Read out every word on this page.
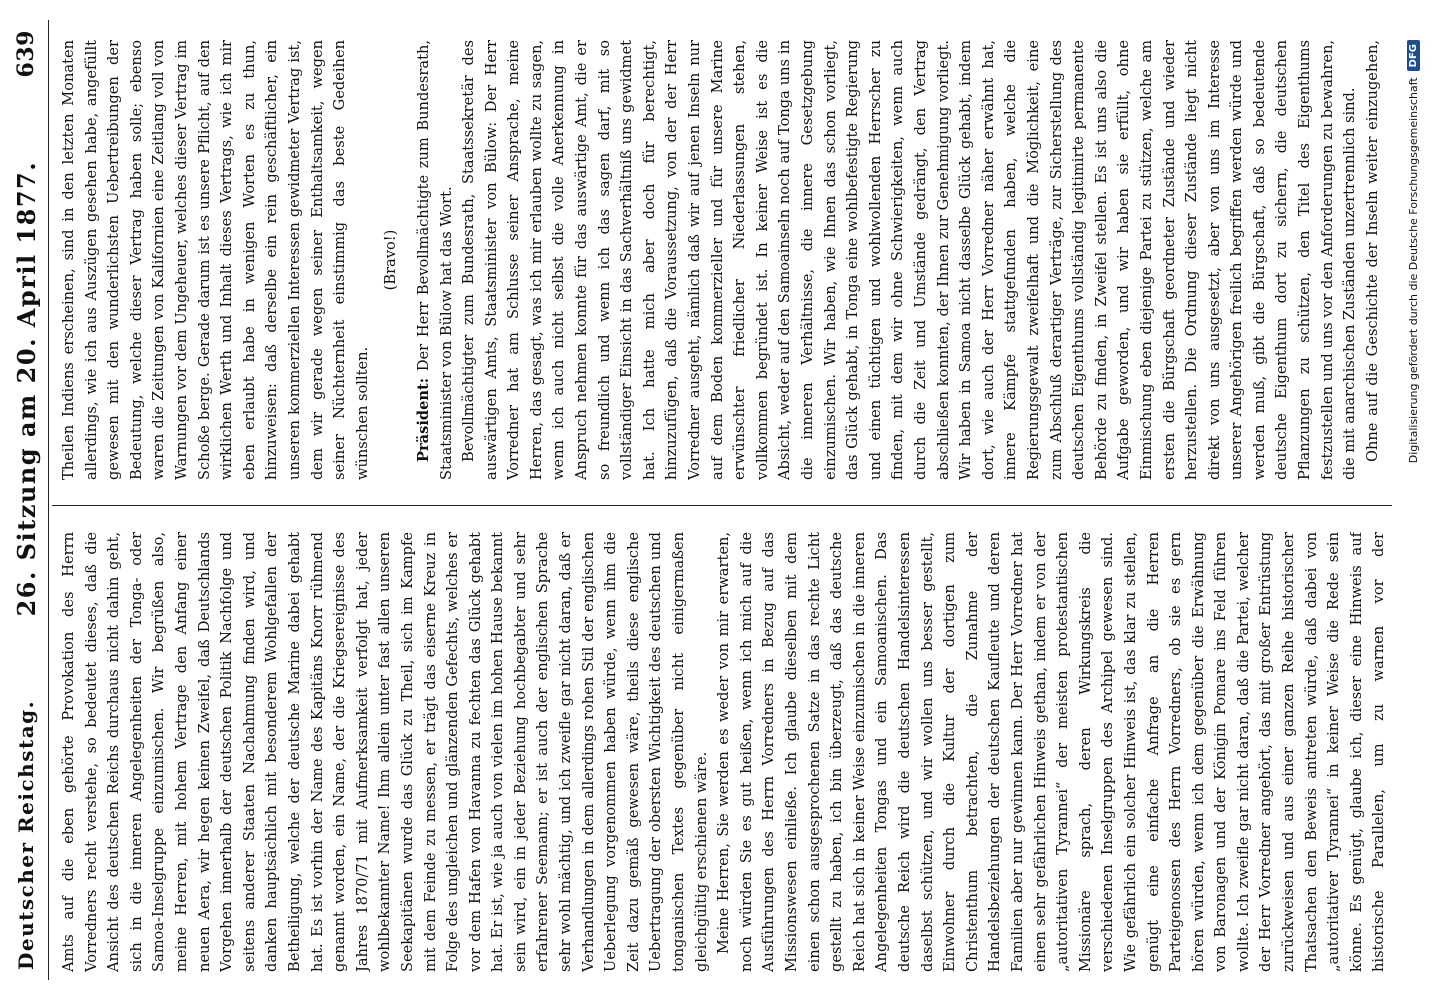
Deutscher Reichstag.
26. Sitzung am 20. April 1877.
639

Amts auf die eben gehörte Provokation des Herrn Vorredners recht verstehe, so bedeutet dieses, daß die Ansicht des deutschen Reichs durchaus nicht dahin geht, sich in die inneren Angelegenheiten der Tonga- oder Samoa-Inselgruppe einzumischen. Wir begrüßen also, meine Herren, mit hohem Vertrage den Anfang einer neuen Aera, wir hegen keinen Zweifel, daß Deutschlands Vorgehen innerhalb der deutschen Politik Nachfolge und seitens anderer Staaten Nachahmung finden wird, und danken hauptsächlich mit besonderem Wohlgefallen der Betheiligung, welche der deutsche Marine dabei gehabt hat. Es ist vorhin der Name des Kapitäns Knorr rühmend genannt worden, ein Name, der die Kriegsereignisse des Jahres 1870/71 mit Aufmerksamkeit verfolgt hat, jeder wohlbekannter Name! Ihm allein unter fast allen unseren Seekapitänen wurde das Glück zu Theil, sich im Kampfe mit dem Feinde zu messen, er trägt das eiserne Kreuz in Folge des ungleichen und glänzenden Gefechts, welches er vor dem Hafen von Havanna zu fechten das Glück gehabt hat. Er ist, wie ja auch von vielen im hohen Hause bekannt sein wird, ein in jeder Beziehung hochbegabter und sehr erfahrener Seemann; er ist auch der englischen Sprache sehr wohl mächtig, und ich zweifle gar nicht daran, daß er Verhandlungen in dem allerdings rohen Stil der englischen Ueberlegung vorgenommen haben würde, wenn ihm die Zeit dazu gemäß gewesen wäre, theils diese englische Uebertragung der obersten Wichtigkeit des deutschen und tonganischen Textes gegenüber nicht einigermaßen gleichgültig erschienen wäre. Meine Herren, Sie werden es weder von mir erwarten, noch würden Sie es gut heißen, wenn ich mich auf die Ausführungen des Herrn Vorredners in Bezug auf das Missionswesen einließe. Ich glaube dieselben mit dem einen schon ausgesprochenen Satze in das rechte Licht gestellt zu haben, ich bin überzeugt, daß das deutsche Reich hat sich in keiner Weise einzumischen in die inneren Angelegenheiten Tongas und ein Samoanischen. Das deutsche Reich wird die deutschen Handelsinteressen daselbst schützen, und wir wollen uns besser gestellt, Einwohner durch die Kultur der dortigen zum Christenthum betrachten, die Zunahme der Handelsbeziehungen der deutschen Kaufleute und deren Familien aber nur gewinnen kann. Der Herr Vorredner hat einen sehr gefährlichen Hinweis gethan, indem er von der „autoritativen Tyrannei“ der meisten protestantischen Missionäre sprach, deren Wirkungskreis die verschiedenen Inselgruppen des Archipel gewesen sind. Wie gefährlich ein solcher Hinweis ist, das klar zu stellen, genügt eine einfache Anfrage an die Herren Parteigenossen des Herrn Vorredners, ob sie es gern hören würden, wenn ich dem gegenüber die Erwähnung von Baronagen und der Königin Pomare ins Feld führen wollte. Ich zweifle gar nicht daran, daß die Partei, welcher der Herr Vorredner angehört, das mit großer Entrüstung zurückweisen und aus einer ganzen Reihe historischer Thatsachen den Beweis antreten würde, daß dabei von „autoritativer Tyrannei“ in keiner Weise die Rede sein könne. Es genügt, glaube ich, dieser eine Hinweis auf historische Parallelen, um zu warnen vor der

Theilen Indiens erscheinen, sind in den letzten Monaten allerdings, wie ich aus Auszügen gesehen habe, angefüllt gewesen mit den wunderlichsten Uebertreibungen der Bedeutung, welche dieser Vertrag haben solle; ebenso waren die Zeitungen von Kalifornien eine Zeitlang voll von Warnungen vor dem Ungeheuer, welches dieser Vertrag im Schoße berge. Gerade darum ist es unsere Pflicht, auf den wirklichen Werth und Inhalt dieses Vertrags, wie ich mir eben erlaubt habe in wenigen Worten es zu thun, hinzuweisen: daß derselbe ein rein geschäftlicher, ein unseren kommerziellen Interessen gewidmeter Vertrag ist, dem wir gerade wegen seiner Enthaltsamkeit, wegen seiner Nüchternheit einstimmig das beste Gedeihen wünschen sollten.

(Bravo!)

Präsident: Der Herr Bevollmächtigte zum Bundesrath, Staatsminister von Bülow hat das Wort. Bevollmächtigter zum Bundesrath, Staatssekretär des auswärtigen Amts, Staatsminister von Bülow: Der Herr Vorredner hat am Schlusse seiner Ansprache, meine Herren, das gesagt, was ich mir erlauben wollte zu sagen, wenn ich auch nicht selbst die volle Anerkennung in Anspruch nehmen konnte für das auswärtige Amt, die er so freundlich und wenn ich das sagen darf, mit so vollständiger Einsicht in das Sachverhältniß uns gewidmet hat. Ich hatte mich aber doch für berechtigt, hinzuzufügen, daß die Voraussetzung, von der der Herr Vorredner ausgeht, nämlich daß wir auf jenen Inseln nur auf dem Boden kommerzieller und für unsere Marine erwünschter friedlicher Niederlassungen stehen, vollkommen begründet ist. In keiner Weise ist es die Absicht, weder auf den Samoainseln noch auf Tonga uns in die inneren Verhältnisse, die innere Gesetzgebung einzumischen. Wir haben, wie Ihnen das schon vorliegt, das Glück gehabt, in Tonga eine wohlbefestigte Regierung und einen tüchtigen und wohlwollenden Herrscher zu finden, mit dem wir ohne Schwierigkeiten, wenn auch durch die Zeit und Umstände gedrängt, den Vertrag abschließen konnten, der Ihnen zur Genehmigung vorliegt. Wir haben in Samoa nicht dasselbe Glück gehabt, indem dort, wie auch der Herr Vorredner näher erwähnt hat, innere Kämpfe stattgefunden haben, welche die Regierungsgewalt zweifelhaft und die Möglichkeit, eine zum Abschluß derartiger Verträge, zur Sicherstellung des deutschen Eigenthums vollständig legitimirte permanente Behörde zu finden, in Zweifel stellen. Es ist uns also die Aufgabe geworden, und wir haben sie erfüllt, ohne Einmischung eben diejenige Partei zu stützen, welche am ersten die Bürgschaft geordneter Zustände und wieder herzustellen. Die Ordnung dieser Zustände liegt nicht direkt von uns ausgesetzt, aber von uns im Interesse unserer Angehörigen freilich begriffen werden würde und werden muß, gibt die Bürgschaft, daß so bedeutende deutsche Eigenthum dort zu sichern, die deutschen Pflanzungen zu schützen, den Titel des Eigenthums festzustellen und uns vor den Anforderungen zu bewahren, die mit anarchischen Zuständen unzertrennlich sind. Ohne auf die Geschichte der Inseln weiter einzugehen,	Digitalisierung gefördert durch die Deutsche Forschungsgemeinschaft
DFG
